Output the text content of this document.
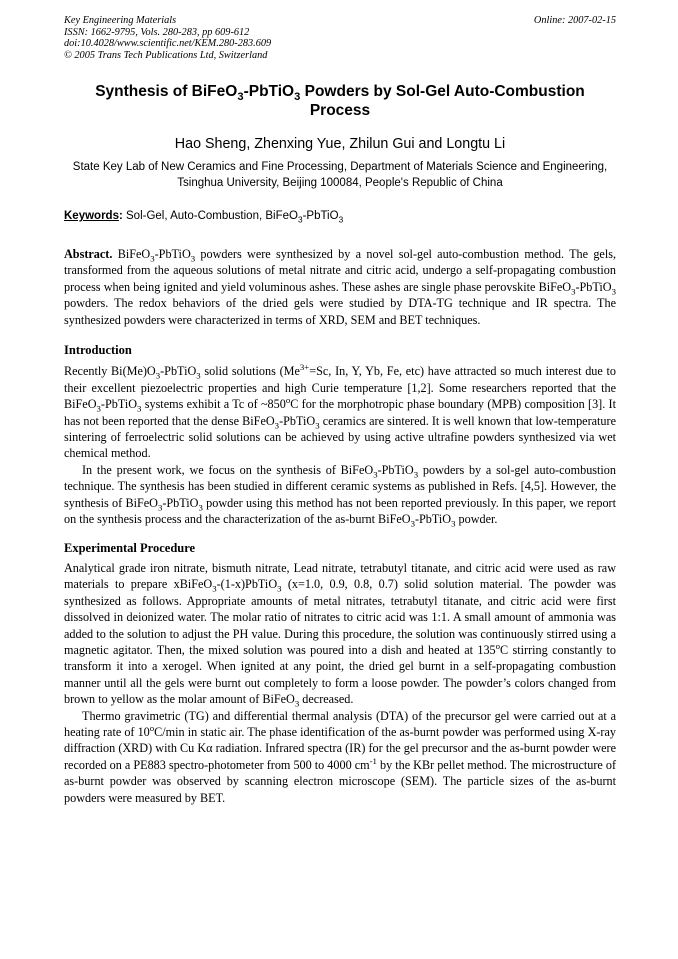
Key Engineering Materials
ISSN: 1662-9795, Vols. 280-283, pp 609-612
doi:10.4028/www.scientific.net/KEM.280-283.609
© 2005 Trans Tech Publications Ltd, Switzerland
Online: 2007-02-15
Synthesis of BiFeO$_3$-PbTiO$_3$ Powders by Sol-Gel Auto-Combustion Process
Hao Sheng, Zhenxing Yue, Zhilun Gui and Longtu Li
State Key Lab of New Ceramics and Fine Processing, Department of Materials Science and Engineering, Tsinghua University, Beijing 100084, People's Republic of China
Keywords: Sol-Gel, Auto-Combustion, BiFeO$_3$-PbTiO$_3$

Abstract. BiFeO$_3$-PbTiO$_3$ powders were synthesized by a novel sol-gel auto-combustion method. The gels, transformed from the aqueous solutions of metal nitrate and citric acid, undergo a self-propagating combustion process when being ignited and yield voluminous ashes. These ashes are single phase perovskite BiFeO$_3$-PbTiO$_3$ powders. The redox behaviors of the dried gels were studied by DTA-TG technique and IR spectra. The synthesized powders were characterized in terms of XRD, SEM and BET techniques.

Introduction

Recently $Bi(Me)O_3-PbTiO_3$ solid solutions ($Me^{3+}=Sc$, In, Y, Yb, Fe, etc) have attracted so much interest due to their excellent piezoelectric properties and high Curie temperature [1,2]. Some researchers reported that the BiFeO$_3$-PbTiO$_3$ systems exhibit a Tc of ~850$^o$C for the morphotropic phase boundary (MPB) composition [3]. It has not been reported that the dense BiFeO$_3$-PbTiO$_3$ ceramics are sintered. It is well known that low-temperature sintering of ferroelectric solid solutions can be achieved by using active ultrafine powders synthesized via wet chemical method.

In the present work, we focus on the synthesis of BiFeO$_3$-PbTiO$_3$ powders by a sol-gel auto-combustion technique. The synthesis has been studied in different ceramic systems as published in Refs. [4,5]. However, the synthesis of BiFeO$_3$-PbTiO$_3$ powder using this method has not been reported previously. In this paper, we report on the synthesis process and the characterization of the as-burnt BiFeO$_3$-PbTiO$_3$ powder.

Experimental Procedure

Analytical grade iron nitrate, bismuth nitrate, Lead nitrate, tetrabutyl titanate, and citric acid were used as raw materials to prepare xBiFeO$_3$-(1-x)PbTiO$_3$ (x=1.0, 0.9, 0.8, 0.7) solid solution material. The powder was synthesized as follows. Appropriate amounts of metal nitrates, tetrabutyl titanate, and citric acid were first dissolved in deionized water. The molar ratio of nitrates to citric acid was 1:1. A small amount of ammonia was added to the solution to adjust the PH value. During this procedure, the solution was continuously stirred using a magnetic agitator. Then, the mixed solution was poured into a dish and heated at 135$^o$C stirring constantly to transform it into a xerogel. When ignited at any point, the dried gel burnt in a self-propagating combustion manner until all the gels were burnt out completely to form a loose powder. The powder’s colors changed from brown to yellow as the molar amount of BiFeO$_3$ decreased.

Thermo gravimetric (TG) and differential thermal analysis (DTA) of the precursor gel were carried out at a heating rate of 10$^o$C/min in static air. The phase identification of the as-burnt powder was performed using X-ray diffraction (XRD) with Cu Kα radiation. Infrared spectra (IR) for the gel precursor and the as-burnt powder were recorded on a PE883 spectro-photometer from 500 to 4000 $cm^{-1}$ by the KBr pellet method. The microstructure of as-burnt powder was observed by scanning electron microscope (SEM). The particle sizes of the as-burnt powders were measured by BET.
